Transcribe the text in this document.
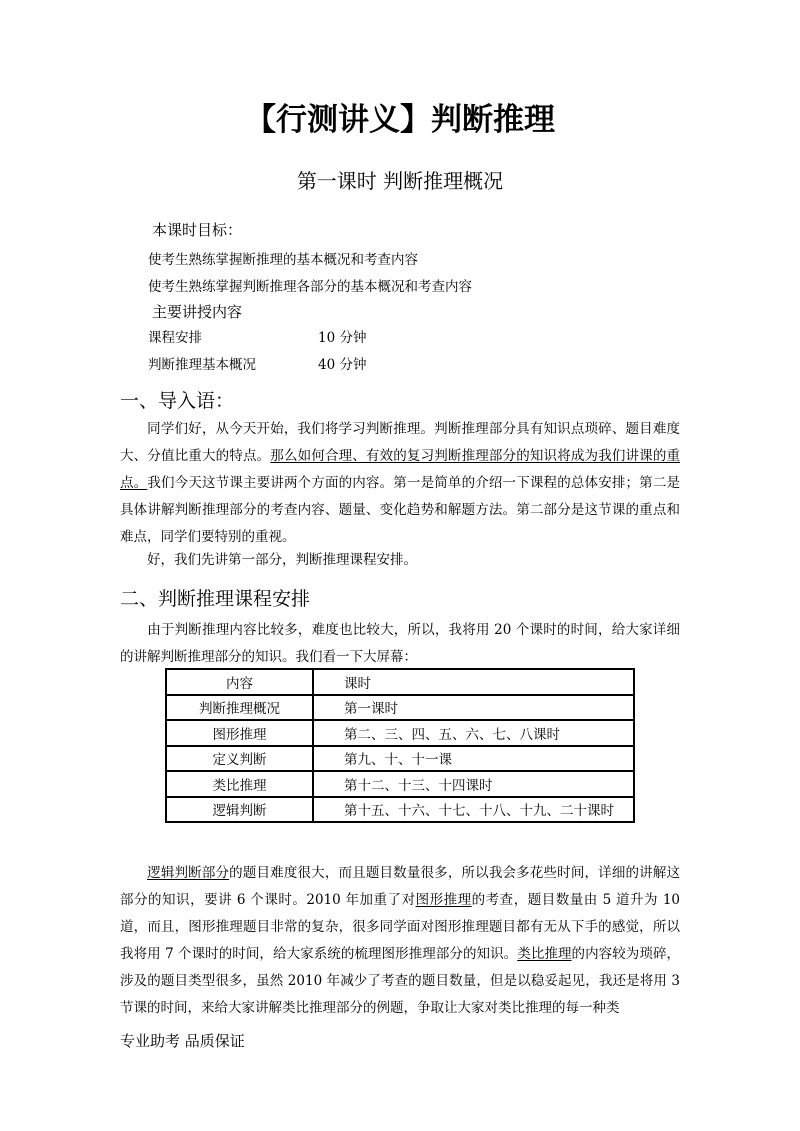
【行测讲义】判断推理
第一课时 判断推理概况
本课时目标：
使考生熟练掌握断推理的基本概况和考查内容
使考生熟练掌握判断推理各部分的基本概况和考查内容
主要讲授内容
课程安排	10 分钟
判断推理基本概况	40 分钟
一、导入语：
同学们好，从今天开始，我们将学习判断推理。判断推理部分具有知识点琐碎、题目难度大、分值比重大的特点。那么如何合理、有效的复习判断推理部分的知识将成为我们讲课的重点。我们今天这节课主要讲两个方面的内容。第一是简单的介绍一下课程的总体安排；第二是具体讲解判断推理部分的考查内容、题量、变化趋势和解题方法。第二部分是这节课的重点和难点，同学们要特别的重视。
好，我们先讲第一部分，判断推理课程安排。
二、判断推理课程安排
由于判断推理内容比较多，难度也比较大，所以，我将用 20 个课时的时间，给大家详细的讲解判断推理部分的知识。我们看一下大屏幕：
内容	课时
判断推理概况	第一课时
图形推理	第二、三、四、五、六、七、八课时
定义判断	第九、十、十一课
类比推理	第十二、十三、十四课时
逻辑判断	第十五、十六、十七、十八、十九、二十课时
逻辑判断部分的题目难度很大，而且题目数量很多，所以我会多花些时间，详细的讲解这部分的知识，要讲 6 个课时。2010 年加重了对图形推理的考查，题目数量由 5 道升为 10 道，而且，图形推理题目非常的复杂，很多同学面对图形推理题目都有无从下手的感觉，所以我将用 7 个课时的时间，给大家系统的梳理图形推理部分的知识。类比推理的内容较为琐碎，涉及的题目类型很多，虽然 2010 年减少了考查的题目数量，但是以稳妥起见，我还是将用 3 节课的时间，来给大家讲解类比推理部分的例题，争取让大家对类比推理的每一种类
专业助考 品质保证
